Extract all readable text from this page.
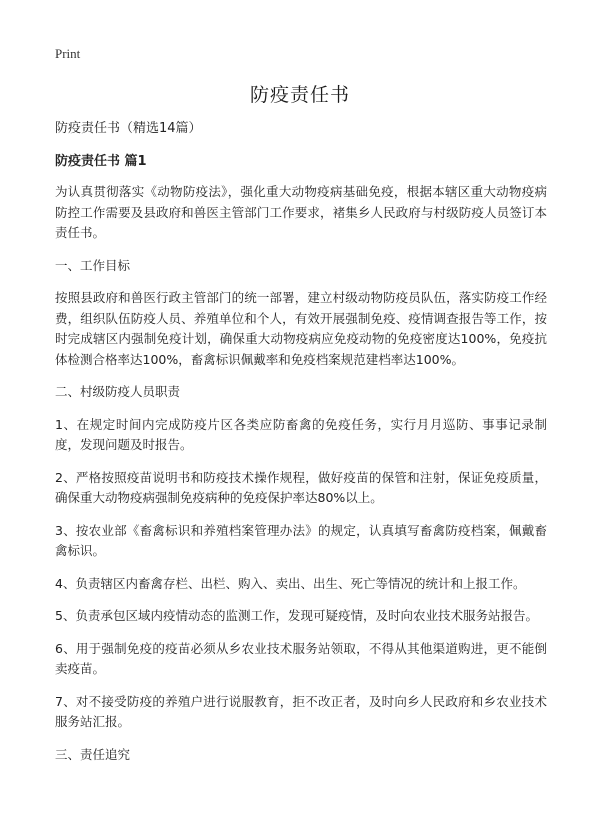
Print
防疫责任书

防疫责任书（精选14篇）

防疫责任书 篇1

为认真贯彻落实《动物防疫法》，强化重大动物疫病基础免疫，根据本辖区重大动物疫病防控工作需要及县政府和兽医主管部门工作要求，褚集乡人民政府与村级防疫人员签订本责任书。

一、工作目标

按照县政府和兽医行政主管部门的统一部署，建立村级动物防疫员队伍，落实防疫工作经费，组织队伍防疫人员、养殖单位和个人，有效开展强制免疫、疫情调查报告等工作，按时完成辖区内强制免疫计划，确保重大动物疫病应免疫动物的免疫密度达100%，免疫抗体检测合格率达100%，畜禽标识佩戴率和免疫档案规范建档率达100%。

二、村级防疫人员职责

1、在规定时间内完成防疫片区各类应防畜禽的免疫任务，实行月月巡防、事事记录制度，发现问题及时报告。

2、严格按照疫苗说明书和防疫技术操作规程，做好疫苗的保管和注射，保证免疫质量，确保重大动物疫病强制免疫病种的免疫保护率达80%以上。

3、按农业部《畜禽标识和养殖档案管理办法》的规定，认真填写畜禽防疫档案，佩戴畜禽标识。

4、负责辖区内畜禽存栏、出栏、购入、卖出、出生、死亡等情况的统计和上报工作。

5、负责承包区域内疫情动态的监测工作，发现可疑疫情，及时向农业技术服务站报告。

6、用于强制免疫的疫苗必须从乡农业技术服务站领取，不得从其他渠道购进，更不能倒卖疫苗。

7、对不接受防疫的养殖户进行说服教育，拒不改正者，及时向乡人民政府和乡农业技术服务站汇报。

三、责任追究
